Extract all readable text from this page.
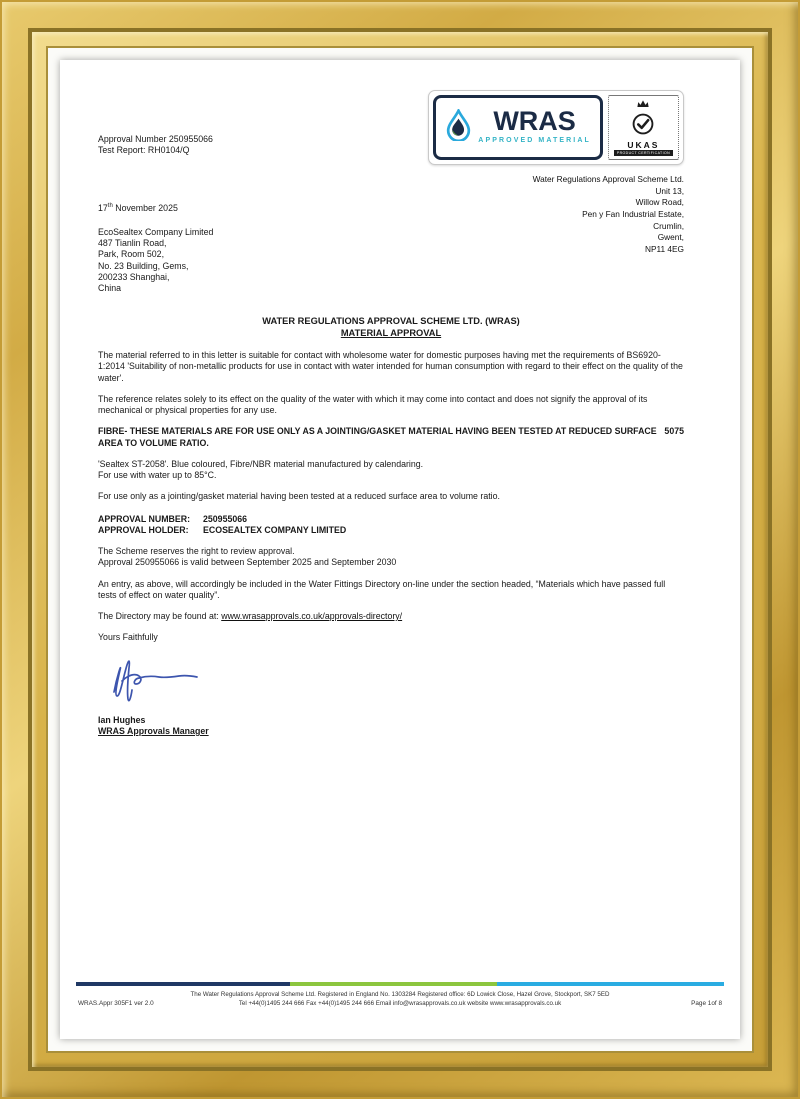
Approval Number 250955066
Test Report: RH0104/Q
17th November 2025
EcoSealtex Company Limited
487 Tianlin Road,
Park, Room 502,
No. 23 Building, Gems,
200233 Shanghai,
China
WRAS
APPROVED MATERIAL	UKAS
PRODUCT CERTIFICATION
Water Regulations Approval Scheme Ltd.
Unit 13,
Willow Road,
Pen y Fan Industrial Estate,
Crumlin,
Gwent,
NP11 4EG
WATER REGULATIONS APPROVAL SCHEME LTD. (WRAS)
MATERIAL APPROVAL

The material referred to in this letter is suitable for contact with wholesome water for domestic purposes having met the requirements of BS6920-1:2014 'Suitability of non-metallic products for use in contact with water intended for human consumption with regard to their effect on the quality of the water'.

The reference relates solely to its effect on the quality of the water with which it may come into contact and does not signify the approval of its mechanical or physical properties for any use.

5075
FIBRE- THESE MATERIALS ARE FOR USE ONLY AS A JOINTING/GASKET MATERIAL HAVING BEEN TESTED AT REDUCED SURFACE AREA TO VOLUME RATIO.

'Sealtex ST-2058'. Blue coloured, Fibre/NBR material manufactured by calendaring.
For use with water up to 85°C.

For use only as a jointing/gasket material having been tested at a reduced surface area to volume ratio.

APPROVAL NUMBER:	250955066
APPROVAL HOLDER:	ECOSEALTEX COMPANY LIMITED

The Scheme reserves the right to review approval.
Approval 250955066 is valid between September 2025 and September 2030

An entry, as above, will accordingly be included in the Water Fittings Directory on-line under the section headed, “Materials which have passed full tests of effect on water quality”.

The Directory may be found at: www.wrasapprovals.co.uk/approvals-directory/

Yours Faithfully

Ian Hughes
WRAS Approvals Manager
The Water Regulations Approval Scheme Ltd. Registered in England No. 1303284 Registered office: 6D Lowick Close, Hazel Grove, Stockport, SK7 5ED
Tel +44(0)1495 244 666 Fax +44(0)1495 244 666 Email info@wrasapprovals.co.uk website www.wrasapprovals.co.uk
WRAS.Appr 305F1 ver 2.0	Page 1of 8
